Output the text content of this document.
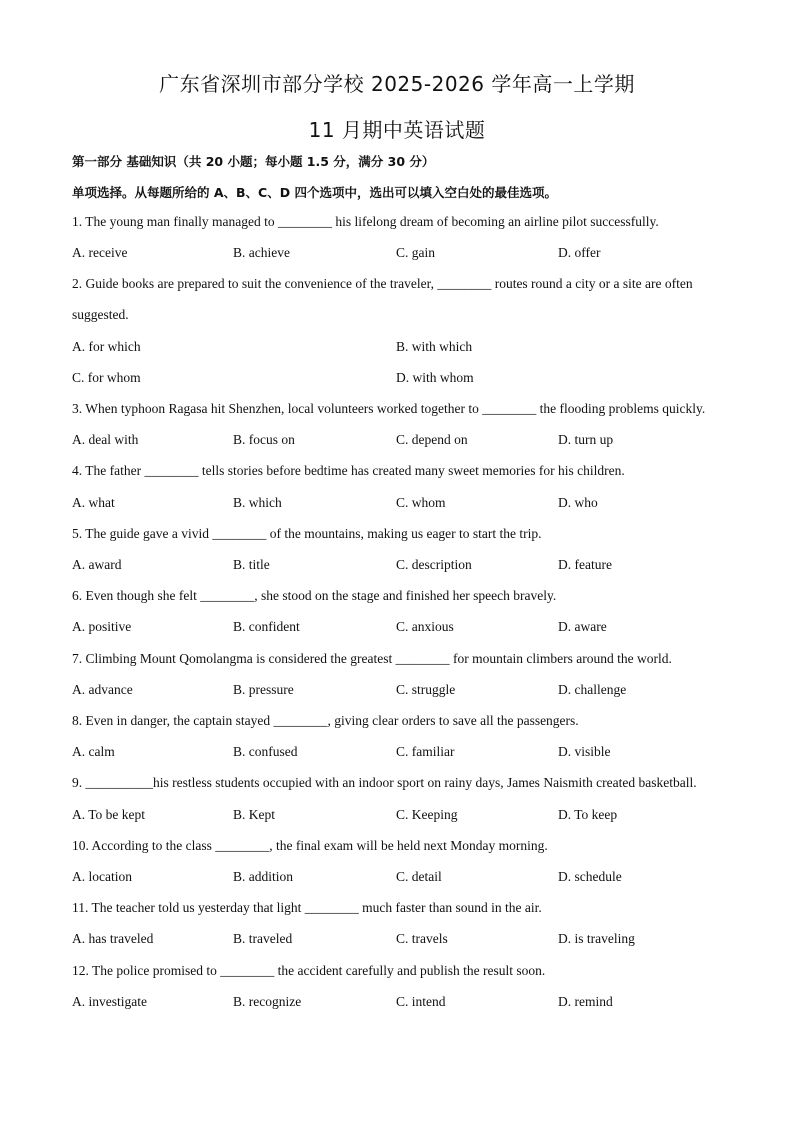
广东省深圳市部分学校 2025-2026 学年高一上学期
11 月期中英语试题
第一部分 基础知识（共 20 小题；每小题 1.5 分，满分 30 分）
单项选择。从每题所给的 A、B、C、D 四个选项中，选出可以填入空白处的最佳选项。
1. The young man finally managed to ________ his lifelong dream of becoming an airline pilot successfully.
A. receive	B. achieve	C. gain	D. offer
2. Guide books are prepared to suit the convenience of the traveler, ________ routes round a city or a site are often
suggested.
A. for which	B. with which
C. for whom	D. with whom
3. When typhoon Ragasa hit Shenzhen, local volunteers worked together to ________ the flooding problems quickly.
A. deal with	B. focus on	C. depend on	D. turn up
4. The father ________ tells stories before bedtime has created many sweet memories for his children.
A. what	B. which	C. whom	D. who
5. The guide gave a vivid ________ of the mountains, making us eager to start the trip.
A. award	B. title	C. description	D. feature
6. Even though she felt ________, she stood on the stage and finished her speech bravely.
A. positive	B. confident	C. anxious	D. aware
7. Climbing Mount Qomolangma is considered the greatest ________ for mountain climbers around the world.
A. advance	B. pressure	C. struggle	D. challenge
8. Even in danger, the captain stayed ________, giving clear orders to save all the passengers.
A. calm	B. confused	C. familiar	D. visible
9. __________his restless students occupied with an indoor sport on rainy days, James Naismith created basketball.
A. To be kept	B. Kept	C. Keeping	D. To keep
10. According to the class ________, the final exam will be held next Monday morning.
A. location	B. addition	C. detail	D. schedule
11. The teacher told us yesterday that light ________ much faster than sound in the air.
A. has traveled	B. traveled	C. travels	D. is traveling
12. The police promised to ________ the accident carefully and publish the result soon.
A. investigate	B. recognize	C. intend	D. remind
